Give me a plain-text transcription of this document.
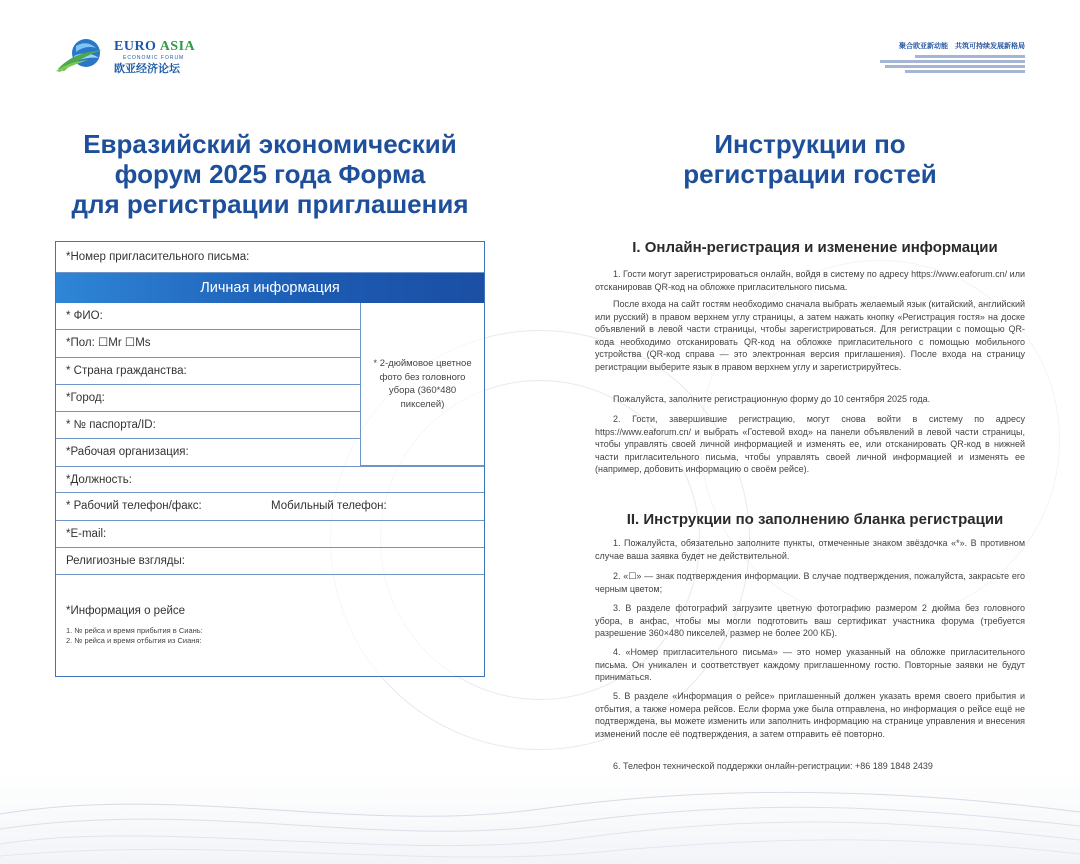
EURO ASIA
ECONOMIC FORUM
欧亚经济论坛
聚合欧亚新动能　共筑可持续发展新格局
Евразийский экономический
форум 2025 года Форма
для регистрации приглашения
Инструкции по
регистрации гостей
*Номер пригласительного письма:
Личная информация
* ФИО:
*Пол: ☐Mr ☐Ms
* Страна гражданства:
*Город:
* № паспорта/ID:
*Рабочая организация:
* 2-дюймовое цветное фото без головного убора (360*480 пикселей)
*Должность:
* Рабочий телефон/факс:	Мобильный телефон:
*E-mail:
Религиозные взгляды:
*Информация о рейсе
1. № рейса и время прибытия в Сиань:
2. № рейса и время отбытия из Сианя:
I. Онлайн-регистрация и изменение информации
1. Гости могут зарегистрироваться онлайн, войдя в систему по адресу https://www.eaforum.cn/ или отсканировав QR-код на обложке пригласительного письма.
После входа на сайт гостям необходимо сначала выбрать желаемый язык (китайский, английский или русский) в правом верхнем углу страницы, а затем нажать кнопку «Регистрация гостя» на доске объявлений в левой части страницы, чтобы зарегистрироваться. Для регистрации с помощью QR-кода необходимо отсканировать QR-код на обложке пригласительного с помощью мобильного устройства (QR-код справа — это электронная версия приглашения). После входа на страницу регистрации выберите язык в правом верхнем углу и зарегистрируйтесь.
Пожалуйста, заполните регистрационную форму до 10 сентября 2025 года.
2. Гости, завершившие регистрацию, могут снова войти в систему по адресу https://www.eaforum.cn/ и выбрать «Гостевой вход» на панели объявлений в левой части страницы, чтобы управлять своей личной информацией и изменять ее, или отсканировать QR-код в нижней части пригласительного письма, чтобы управлять своей личной информацией и изменять ее (например, добовить информацию о своём рейсе).
II. Инструкции по заполнению бланка регистрации
1. Пожалуйста, обязательно заполните пункты, отмеченные знаком звёздочка «*». В противном случае ваша заявка будет не действительной.
2. «☐» — знак подтверждения информации. В случае подтверждения, пожалуйста, закрасьте его черным цветом;
3. В разделе фотографий загрузите цветную фотографию размером 2 дюйма без головного убора, в анфас, чтобы мы могли подготовить ваш сертификат участника форума (требуется разрешение 360×480 пикселей, размер не более 200 КБ).
4. «Номер пригласительного письма» — это номер указанный на обложке пригласительного письма. Он уникален и соответствует каждому приглашенному гостю. Повторные заявки не будут приниматься.
5. В разделе «Информация о рейсе» приглашенный должен указать время своего прибытия и отбытия, а также номера рейсов. Если форма уже была отправлена, но информация о рейсе ещё не подтверждена, вы можете изменить или заполнить информацию на странице управления и внесения изменений после её подтверждения, а затем отправить её повторно.
6. Телефон технической поддержки онлайн-регистрации: +86 189 1848 2439
